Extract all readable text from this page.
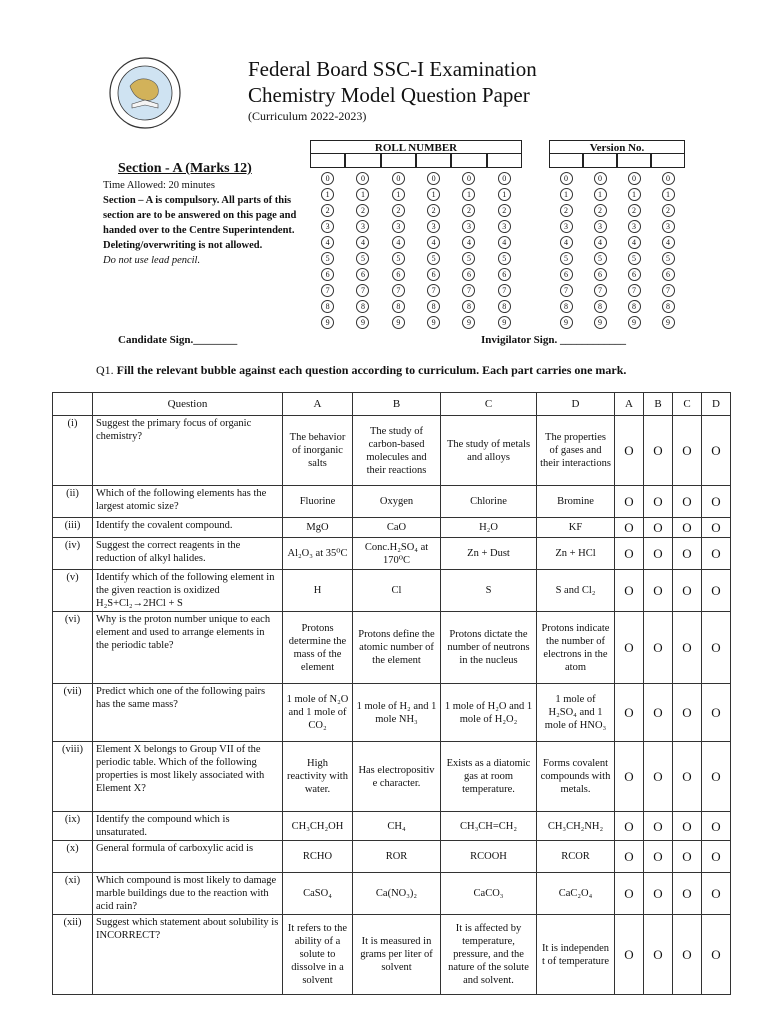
Federal Board SSC-I Examination
Chemistry Model Question Paper
(Curriculum 2022-2023)
Section - A (Marks 12)
Time Allowed: 20 minutes
Section – A is compulsory. All parts of this section are to be answered on this page and handed over to the Centre Superintendent.
Deleting/overwriting is not allowed.
Do not use lead pencil.
ROLL NUMBER
0
1
2
3
4
5
6
7
8
9
0
1
2
3
4
5
6
7
8
9
0
1
2
3
4
5
6
7
8
9
0
1
2
3
4
5
6
7
8
9
0
1
2
3
4
5
6
7
8
9
0
1
2
3
4
5
6
7
8
9
Version No.
0
1
2
3
4
5
6
7
8
9
0
1
2
3
4
5
6
7
8
9
0
1
2
3
4
5
6
7
8
9
0
1
2
3
4
5
6
7
8
9
Candidate Sign.________	Invigilator Sign. ____________
Q1. Fill the relevant bubble against each question according to curriculum. Each part carries one mark.
	Question	A	B	C	D	A	B	C	D
(i)	Suggest the primary focus of organic chemistry?	The behavior of inorganic salts	The study of carbon-based molecules and their reactions	The study of metals and alloys	The properties of gases and their interactions	O	O	O	O
(ii)	Which of the following elements has the largest atomic size?	Fluorine	Oxygen	Chlorine	Bromine	O	O	O	O
(iii)	Identify the covalent compound.	MgO	CaO	H₂O	KF	O	O	O	O
(iv)	Suggest the correct reagents in the reduction of alkyl halides.	Al₂O₃ at 35⁰C	Conc.H₂SO₄ at 170⁰C	Zn + Dust	Zn + HCl	O	O	O	O
(v)	Identify which of the following element in the given reaction is oxidized H₂S+Cl₂→2HCl + S	H	Cl	S	S and Cl₂	O	O	O	O
(vi)	Why is the proton number unique to each element and used to arrange elements in the periodic table?	Protons determine the mass of the element	Protons define the atomic number of the element	Protons dictate the number of neutrons in the nucleus	Protons indicate the number of electrons in the atom	O	O	O	O
(vii)	Predict which one of the following pairs has the same mass?	1 mole of N₂O and 1 mole of CO₂	1 mole of H₂ and 1 mole NH₃	1 mole of H₂O and 1 mole of H₂O₂	1 mole of H₂SO₄ and 1 mole of HNO₃	O	O	O	O
(viii)	Element X belongs to Group VII of the periodic table. Which of the following properties is most likely associated with Element X?	High reactivity with water.	Has electropositiv e character.	Exists as a diatomic gas at room temperature.	Forms covalent compounds with metals.	O	O	O	O
(ix)	Identify the compound which is unsaturated.	CH₃CH₂OH	CH₄	CH₃CH=CH₂	CH₃CH₂NH₂	O	O	O	O
(x)	General formula of carboxylic acid is	RCHO	ROR	RCOOH	RCOR	O	O	O	O
(xi)	Which compound is most likely to damage marble buildings due to the reaction with acid rain?	CaSO₄	Ca(NO₃)₂	CaCO₃	CaC₂O₄	O	O	O	O
(xii)	Suggest which statement about solubility is INCORRECT?	It refers to the ability of a solute to dissolve in a solvent	It is measured in grams per liter of solvent	It is affected by temperature, pressure, and the nature of the solute and solvent.	It is independen t of temperature	O	O	O	O
